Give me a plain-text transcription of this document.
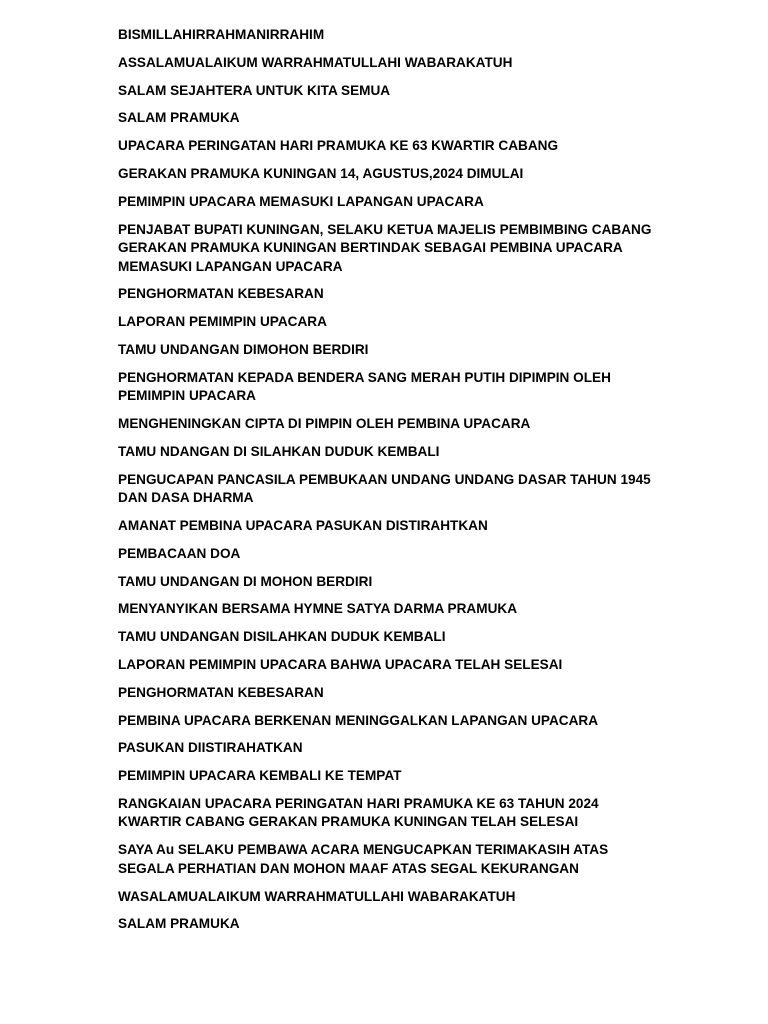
BISMILLAHIRRAHMANIRRAHIM

ASSALAMUALAIKUM WARRAHMATULLAHI WABARAKATUH

SALAM SEJAHTERA UNTUK KITA SEMUA

SALAM PRAMUKA

UPACARA PERINGATAN HARI PRAMUKA KE 63 KWARTIR CABANG

GERAKAN PRAMUKA KUNINGAN 14, AGUSTUS,2024 DIMULAI

PEMIMPIN UPACARA MEMASUKI LAPANGAN UPACARA

PENJABAT BUPATI KUNINGAN, SELAKU KETUA MAJELIS PEMBIMBING CABANG GERAKAN PRAMUKA KUNINGAN BERTINDAK SEBAGAI PEMBINA UPACARA MEMASUKI LAPANGAN UPACARA

PENGHORMATAN KEBESARAN

LAPORAN PEMIMPIN UPACARA

TAMU UNDANGAN DIMOHON BERDIRI

PENGHORMATAN KEPADA BENDERA SANG MERAH PUTIH DIPIMPIN OLEH PEMIMPIN UPACARA

MENGHENINGKAN CIPTA DI PIMPIN OLEH PEMBINA UPACARA

TAMU NDANGAN DI SILAHKAN DUDUK KEMBALI

PENGUCAPAN PANCASILA PEMBUKAAN UNDANG UNDANG DASAR TAHUN 1945 DAN DASA DHARMA

AMANAT PEMBINA UPACARA PASUKAN DISTIRAHTKAN

PEMBACAAN DOA

TAMU UNDANGAN DI MOHON BERDIRI

MENYANYIKAN BERSAMA HYMNE SATYA DARMA PRAMUKA

TAMU UNDANGAN DISILAHKAN DUDUK KEMBALI

LAPORAN PEMIMPIN UPACARA BAHWA UPACARA TELAH SELESAI

PENGHORMATAN KEBESARAN

PEMBINA UPACARA BERKENAN MENINGGALKAN LAPANGAN UPACARA

PASUKAN DIISTIRAHATKAN

PEMIMPIN UPACARA KEMBALI KE TEMPAT

RANGKAIAN UPACARA PERINGATAN HARI PRAMUKA KE 63 TAHUN 2024 KWARTIR CABANG GERAKAN PRAMUKA KUNINGAN TELAH SELESAI

SAYA Au SELAKU PEMBAWA ACARA MENGUCAPKAN TERIMAKASIH ATAS SEGALA PERHATIAN DAN MOHON MAAF ATAS SEGAL KEKURANGAN

WASALAMUALAIKUM WARRAHMATULLAHI WABARAKATUH

SALAM PRAMUKA
